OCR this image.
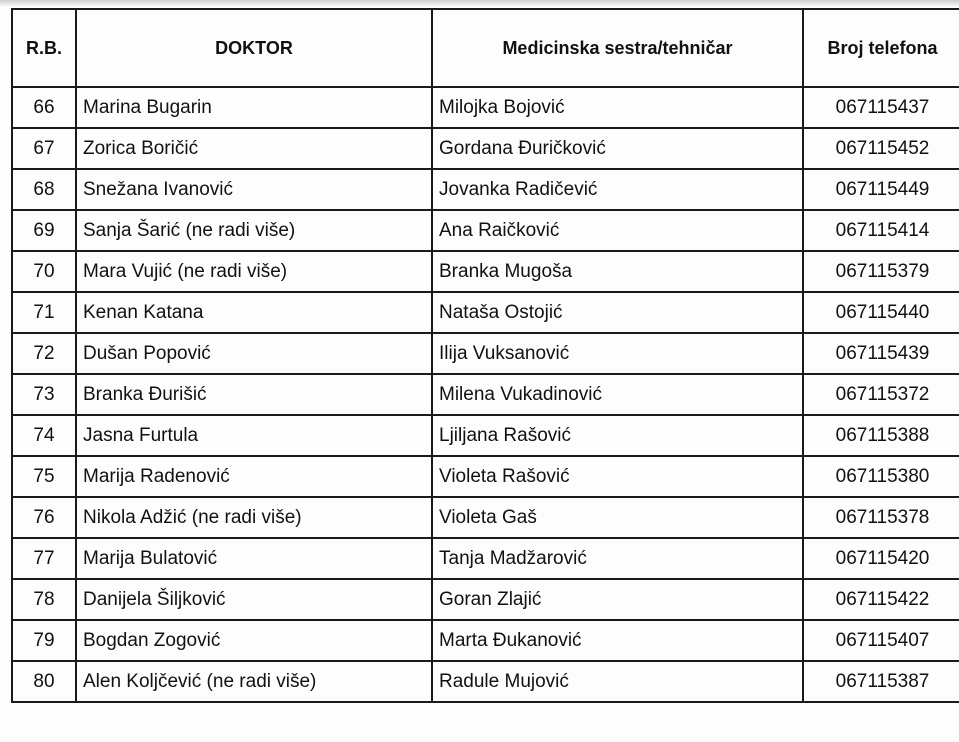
R.B.	DOKTOR	Medicinska sestra/tehničar	Broj telefona
66	Marina Bugarin	Milojka Bojović	067115437
67	Zorica Boričić	Gordana Đuričković	067115452
68	Snežana Ivanović	Jovanka Radičević	067115449
69	Sanja Šarić (ne radi više)	Ana Raičković	067115414
70	Mara Vujić (ne radi više)	Branka Mugoša	067115379
71	Kenan Katana	Nataša Ostojić	067115440
72	Dušan Popović	Ilija Vuksanović	067115439
73	Branka Đurišić	Milena Vukadinović	067115372
74	Jasna Furtula	Ljiljana Rašović	067115388
75	Marija Radenović	Violeta Rašović	067115380
76	Nikola Adžić (ne radi više)	Violeta Gaš	067115378
77	Marija Bulatović	Tanja Madžarović	067115420
78	Danijela Šiljković	Goran Zlajić	067115422
79	Bogdan Zogović	Marta Đukanović	067115407
80	Alen Koljčević (ne radi više)	Radule Mujović	067115387
